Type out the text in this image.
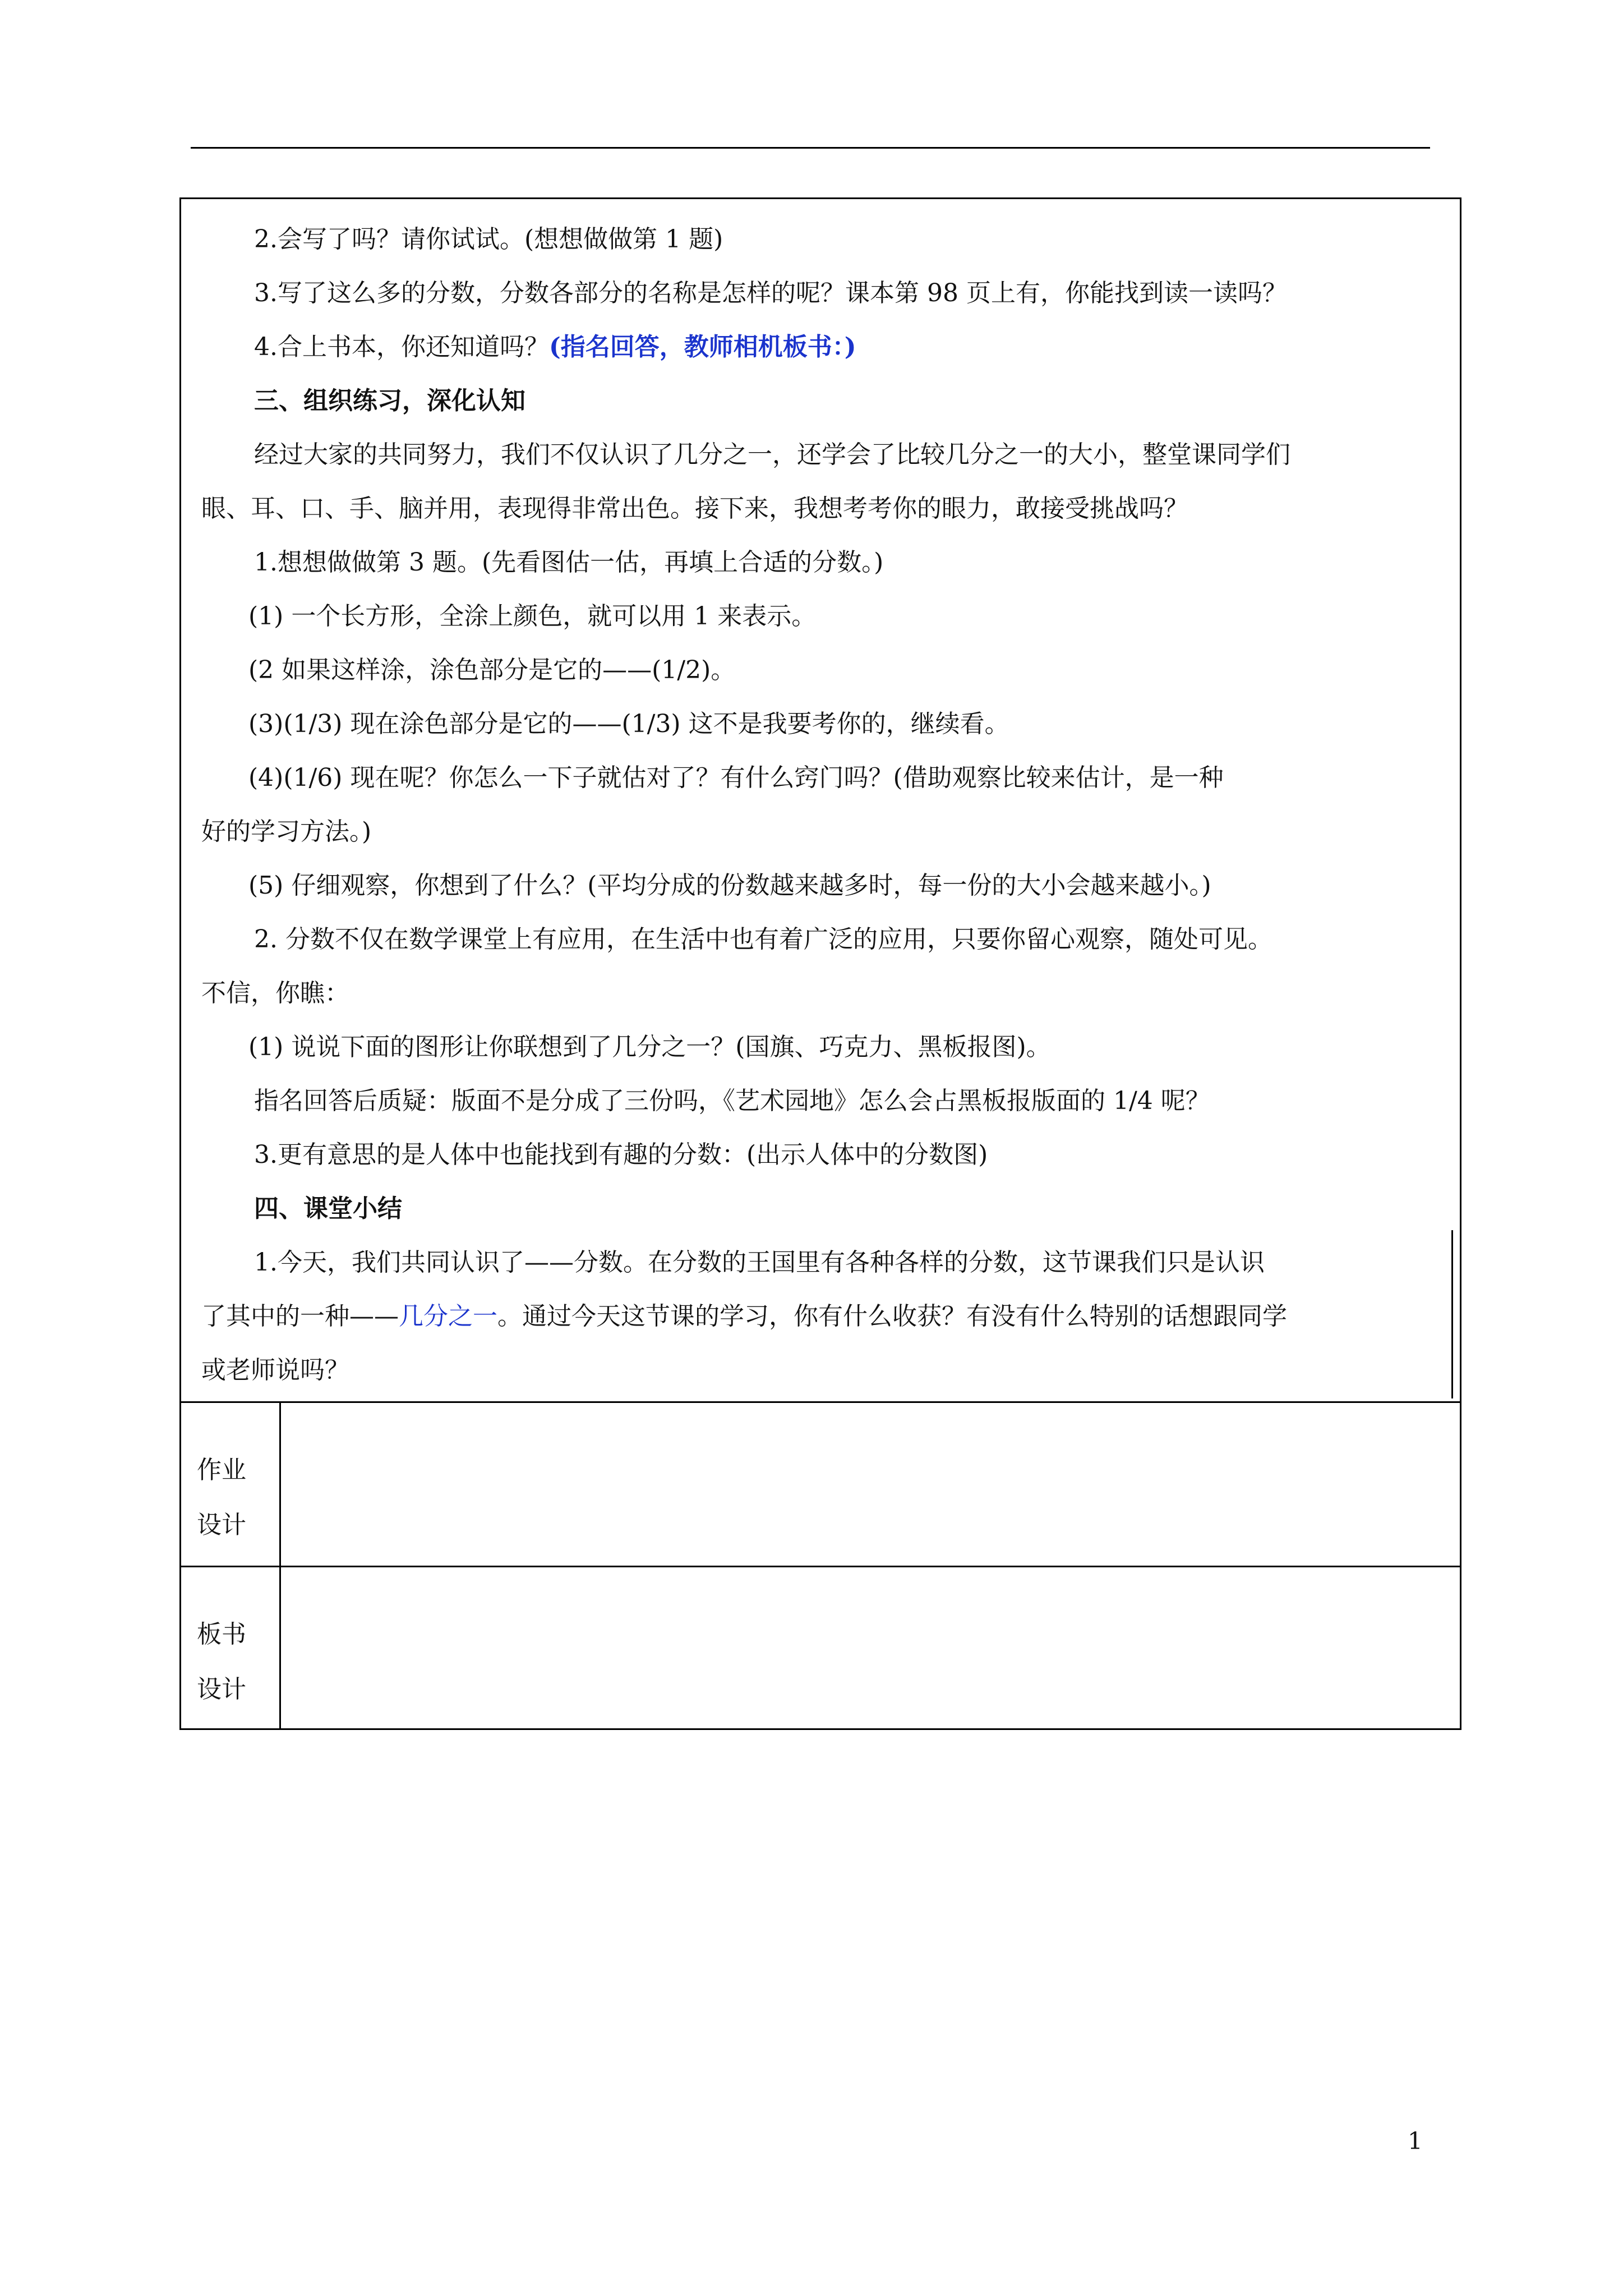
2.会写了吗？请你试试。(想想做做第 1 题)
3.写了这么多的分数，分数各部分的名称是怎样的呢？课本第 98 页上有，你能找到读一读吗？
4.合上书本，你还知道吗？(指名回答，教师相机板书：)
三、组织练习，深化认知
经过大家的共同努力，我们不仅认识了几分之一，还学会了比较几分之一的大小，整堂课同学们
眼、耳、口、手、脑并用，表现得非常出色。接下来，我想考考你的眼力，敢接受挑战吗？
1.想想做做第 3 题。(先看图估一估，再填上合适的分数。)
(1) 一个长方形，全涂上颜色，就可以用 1 来表示。
(2 如果这样涂，涂色部分是它的——(1/2)。
(3)(1/3) 现在涂色部分是它的——(1/3) 这不是我要考你的，继续看。
(4)(1/6) 现在呢？你怎么一下子就估对了？有什么窍门吗？(借助观察比较来估计，是一种
好的学习方法。)
(5) 仔细观察，你想到了什么？(平均分成的份数越来越多时，每一份的大小会越来越小。)
2. 分数不仅在数学课堂上有应用，在生活中也有着广泛的应用，只要你留心观察，随处可见。
不信，你瞧：
(1) 说说下面的图形让你联想到了几分之一？(国旗、巧克力、黑板报图)。
指名回答后质疑：版面不是分成了三份吗，《艺术园地》怎么会占黑板报版面的 1/4 呢？
3.更有意思的是人体中也能找到有趣的分数：(出示人体中的分数图)
四、课堂小结
1.今天，我们共同认识了——分数。在分数的王国里有各种各样的分数，这节课我们只是认识
了其中的一种——几分之一。通过今天这节课的学习，你有什么收获？有没有什么特别的话想跟同学
或老师说吗？
作业
设计
板书
设计
1
